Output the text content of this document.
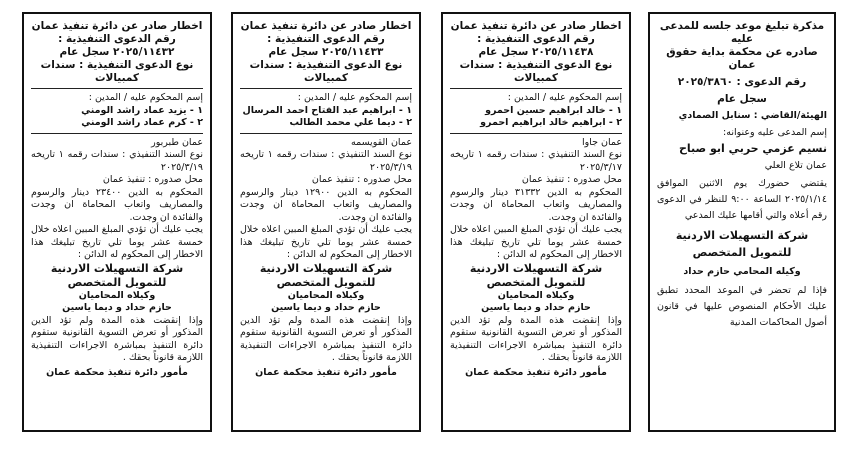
مذكرة تبليغ موعد جلسه للمدعى عليه
صادره عن محكمة بداية حقوق عمان
رقم الدعوى : ٢٠٢٥/٣٨٦٠
سجل عام
الهيئة/القاضي : سنابل الصمادي
إسم المدعى عليه وعنوانه:
نسيم عزمي حربي ابو صباح
عمان تلاع العلي
يقتضي حضورك يوم الاثنين الموافق ٢٠٢٥/١/١٤ الساعة ٩:٠٠ للنظر في الدعوى رقم أعلاه والتي أقامها عليك المدعي
شركة التسهيلات الاردنية للتمويل المتخصص
وكيله المحامي حازم حداد
فإذا لم تحضر في الموعد المحدد تطبق عليك الأحكام المنصوص عليها في قانون أصول المحاكمات المدنية
اخطار صادر عن دائرة تنفيذ عمان
رقم الدعوى التنفيذية :
٢٠٢٥/١١٤٣٨ سجل عام
نوع الدعوى التنفيذية : سندات كمبيالات
إسم المحكوم عليه / المدين :
١ - خالد ابراهيم حسين احمرو
٢ - ابراهيم خالد ابراهيم احمرو
عمان جاوا
نوع السند التنفيذي : سندات رقمه ١ تاريخه ٢٠٢٥/٣/١٧
محل صدوره : تنفيذ عمان
المحكوم به الدين ٣١٣٣٢ دينار والرسوم والمصاريف واتعاب المحاماة ان وجدت والفائدة ان وجدت.
يجب عليك أن تؤدي المبلغ المبين اعلاه خلال خمسة عشر يوما تلي تاريخ تبليغك هذا الاخطار إلى المحكوم له الدائن :
شركة التسهيلات الاردنية للتمويل المتخصص
وكيلاه المحاميان
حازم حداد و ديما ياسين
وإذا إنقضت هذه المدة ولم تؤد الدين المذكور أو تعرض التسوية القانونية ستقوم دائرة التنفيذ بمباشرة الاجراءات التنفيذية اللازمة قانوناً بحقك .
مأمور دائرة تنفيذ محكمة عمان
اخطار صادر عن دائرة تنفيذ عمان
رقم الدعوى التنفيذية :
٢٠٢٥/١١٤٣٣ سجل عام
نوع الدعوى التنفيذية : سندات كمبيالات
إسم المحكوم عليه / المدين :
١ - ابراهيم عبد الفتاح احمد المرسال
٢ - ديما علي محمد الطالب
عمان القويسمه
نوع السند التنفيذي : سندات رقمه ١ تاريخه ٢٠٢٥/٣/١٩
محل صدوره : تنفيذ عمان
المحكوم به الدين ١٢٩٠٠ دينار والرسوم والمصاريف واتعاب المحاماة ان وجدت والفائدة ان وجدت.
يجب عليك أن تؤدي المبلغ المبين اعلاه خلال خمسة عشر يوما تلي تاريخ تبليغك هذا الاخطار إلى المحكوم له الدائن :
شركة التسهيلات الاردنية للتمويل المتخصص
وكيلاه المحاميان
حازم حداد و ديما ياسين
وإذا إنقضت هذه المدة ولم تؤد الدين المذكور أو تعرض التسوية القانونية ستقوم دائرة التنفيذ بمباشرة الاجراءات التنفيذية اللازمة قانوناً بحقك .
مأمور دائرة تنفيذ محكمة عمان
اخطار صادر عن دائرة تنفيذ عمان
رقم الدعوى التنفيذية :
٢٠٢٥/١١٤٣٢ سجل عام
نوع الدعوى التنفيذية : سندات كمبيالات
إسم المحكوم عليه / المدين :
١ - يزيد عماد راشد الومني
٢ - كرم عماد راشد الومني
عمان طبربور
نوع السند التنفيذي : سندات رقمه ١ تاريخه ٢٠٢٥/٣/١٩
محل صدوره : تنفيذ عمان
المحكوم به الدين ٢٣٤٠٠ دينار والرسوم والمصاريف واتعاب المحاماة ان وجدت والفائدة ان وجدت.
يجب عليك أن تؤدي المبلغ المبين اعلاه خلال خمسة عشر يوما تلي تاريخ تبليغك هذا الاخطار إلى المحكوم له الدائن :
شركة التسهيلات الاردنية للتمويل المتخصص
وكيلاه المحاميان
حازم حداد و ديما ياسين
وإذا إنقضت هذه المدة ولم تؤد الدين المذكور أو تعرض التسوية القانونية ستقوم دائرة التنفيذ بمباشرة الاجراءات التنفيذية اللازمة قانوناً بحقك .
مأمور دائرة تنفيذ محكمة عمان
